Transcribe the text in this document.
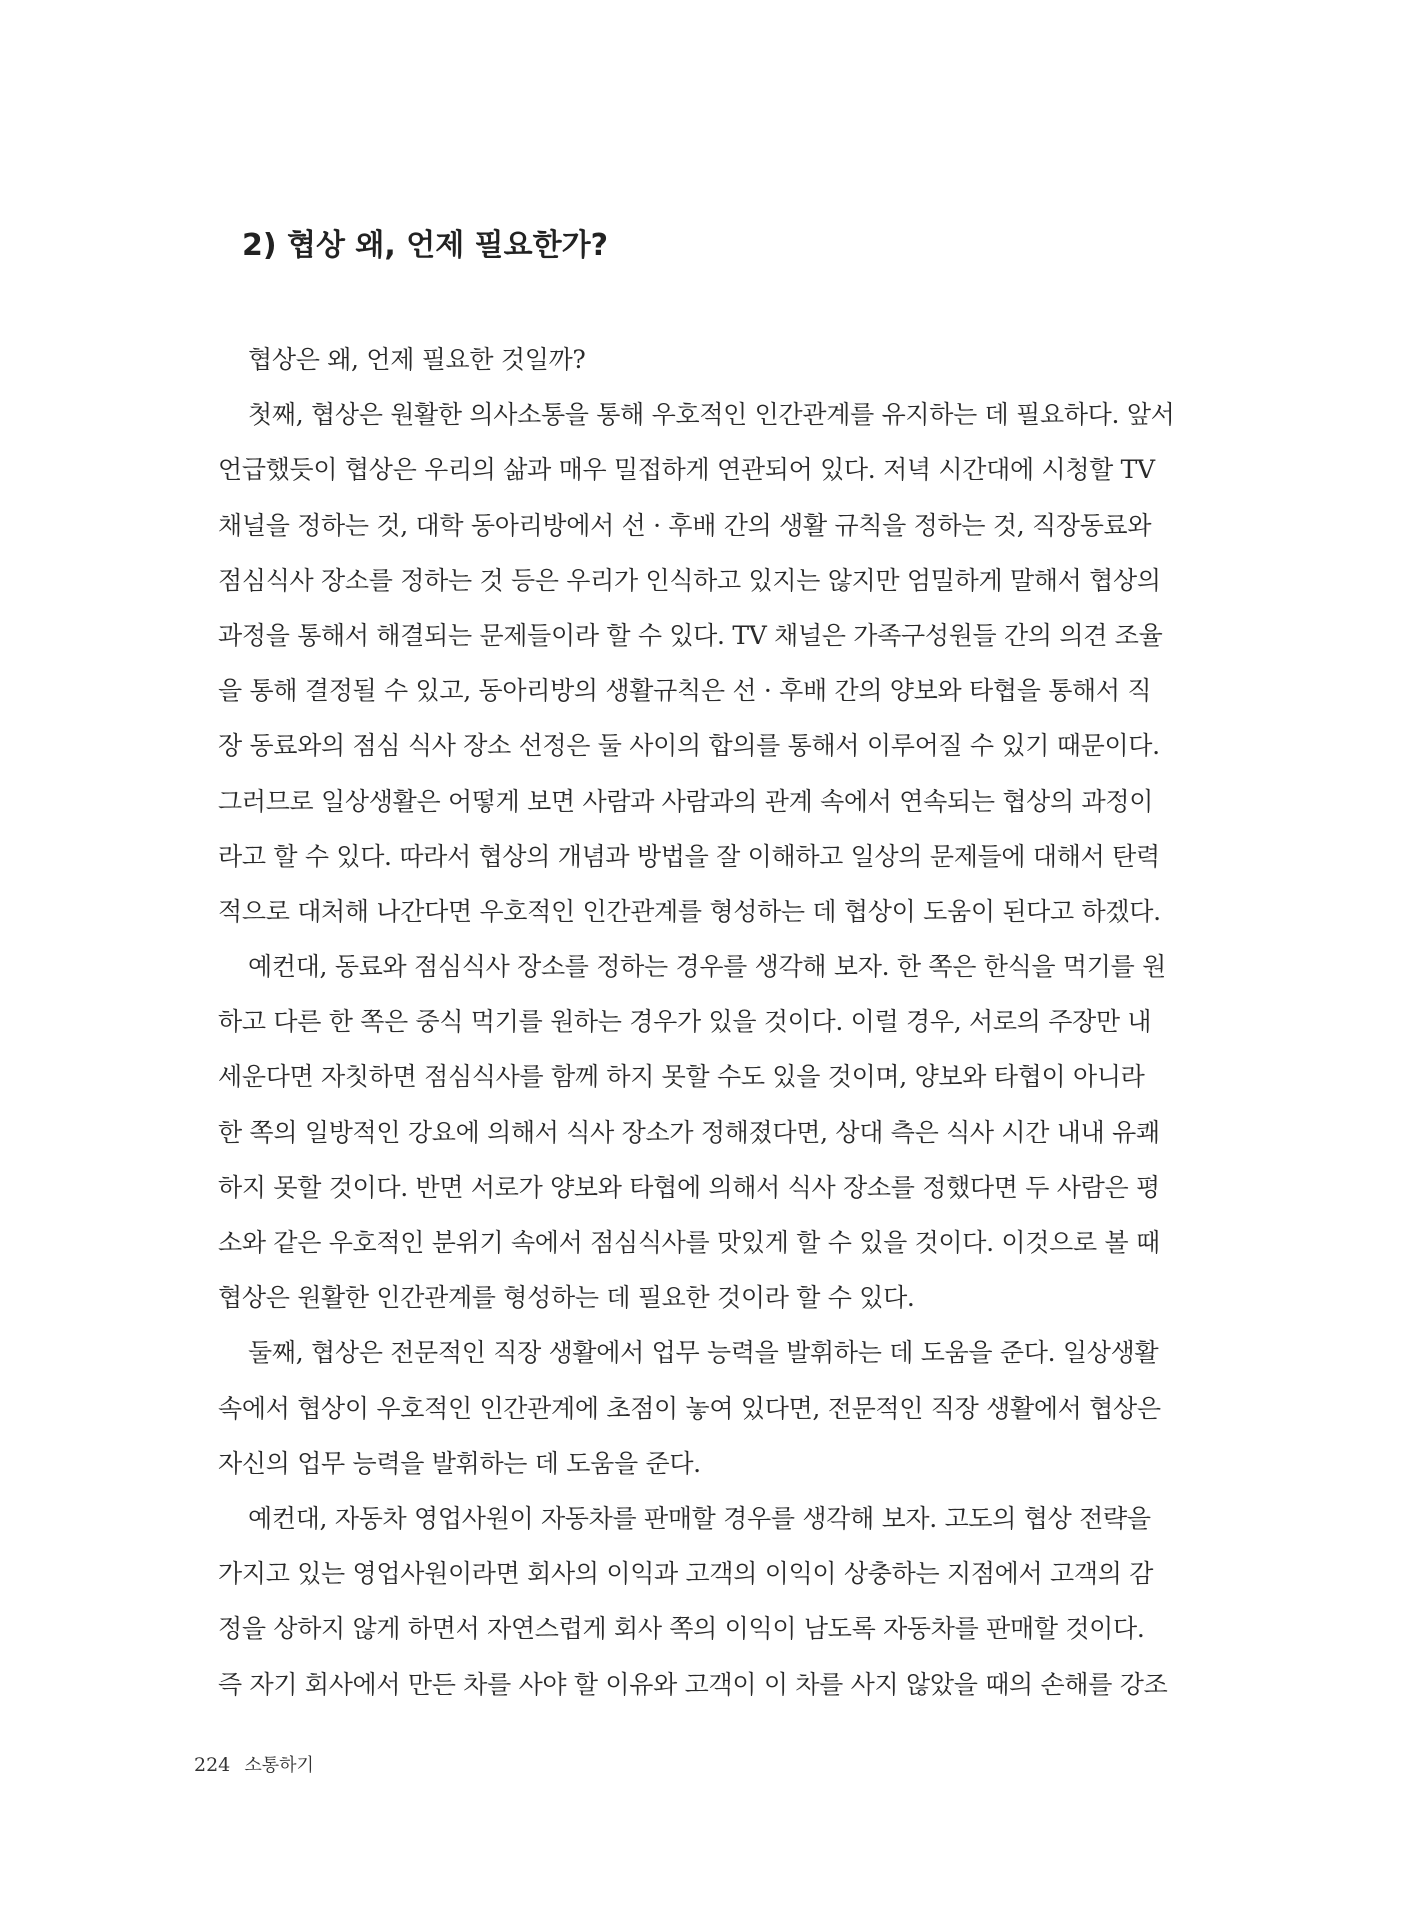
2) 협상 왜, 언제 필요한가?
협상은 왜, 언제 필요한 것일까?
첫째, 협상은 원활한 의사소통을 통해 우호적인 인간관계를 유지하는 데 필요하다. 앞서
언급했듯이 협상은 우리의 삶과 매우 밀접하게 연관되어 있다. 저녁 시간대에 시청할 TV
채널을 정하는 것, 대학 동아리방에서 선 · 후배 간의 생활 규칙을 정하는 것, 직장동료와
점심식사 장소를 정하는 것 등은 우리가 인식하고 있지는 않지만 엄밀하게 말해서 협상의
과정을 통해서 해결되는 문제들이라 할 수 있다. TV 채널은 가족구성원들 간의 의견 조율
을 통해 결정될 수 있고, 동아리방의 생활규칙은 선 · 후배 간의 양보와 타협을 통해서 직
장 동료와의 점심 식사 장소 선정은 둘 사이의 합의를 통해서 이루어질 수 있기 때문이다.
그러므로 일상생활은 어떻게 보면 사람과 사람과의 관계 속에서 연속되는 협상의 과정이
라고 할 수 있다. 따라서 협상의 개념과 방법을 잘 이해하고 일상의 문제들에 대해서 탄력
적으로 대처해 나간다면 우호적인 인간관계를 형성하는 데 협상이 도움이 된다고 하겠다.
예컨대, 동료와 점심식사 장소를 정하는 경우를 생각해 보자. 한 쪽은 한식을 먹기를 원
하고 다른 한 쪽은 중식 먹기를 원하는 경우가 있을 것이다. 이럴 경우, 서로의 주장만 내
세운다면 자칫하면 점심식사를 함께 하지 못할 수도 있을 것이며, 양보와 타협이 아니라
한 쪽의 일방적인 강요에 의해서 식사 장소가 정해졌다면, 상대 측은 식사 시간 내내 유쾌
하지 못할 것이다. 반면 서로가 양보와 타협에 의해서 식사 장소를 정했다면 두 사람은 평
소와 같은 우호적인 분위기 속에서 점심식사를 맛있게 할 수 있을 것이다. 이것으로 볼 때
협상은 원활한 인간관계를 형성하는 데 필요한 것이라 할 수 있다.
둘째, 협상은 전문적인 직장 생활에서 업무 능력을 발휘하는 데 도움을 준다. 일상생활
속에서 협상이 우호적인 인간관계에 초점이 놓여 있다면, 전문적인 직장 생활에서 협상은
자신의 업무 능력을 발휘하는 데 도움을 준다.
예컨대, 자동차 영업사원이 자동차를 판매할 경우를 생각해 보자. 고도의 협상 전략을
가지고 있는 영업사원이라면 회사의 이익과 고객의 이익이 상충하는 지점에서 고객의 감
정을 상하지 않게 하면서 자연스럽게 회사 쪽의 이익이 남도록 자동차를 판매할 것이다.
즉 자기 회사에서 만든 차를 사야 할 이유와 고객이 이 차를 사지 않았을 때의 손해를 강조
224 소통하기
